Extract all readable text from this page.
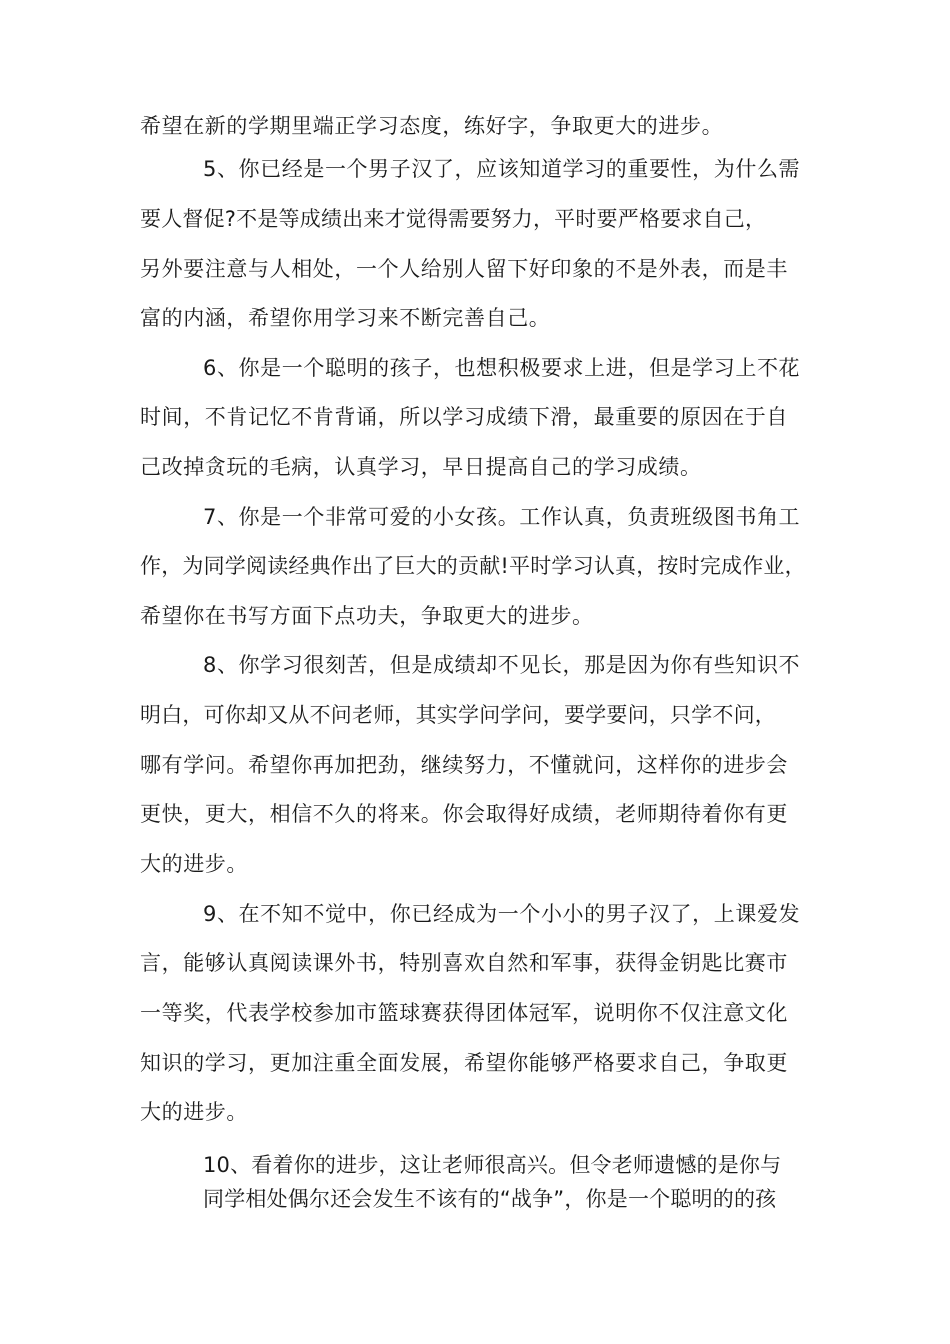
希望在新的学期里端正学习态度，练好字，争取更大的进步。
5、你已经是一个男子汉了，应该知道学习的重要性，为什么需
要人督促?不是等成绩出来才觉得需要努力，平时要严格要求自己，
另外要注意与人相处，一个人给别人留下好印象的不是外表，而是丰
富的内涵，希望你用学习来不断完善自己。
6、你是一个聪明的孩子，也想积极要求上进，但是学习上不花
时间，不肯记忆不肯背诵，所以学习成绩下滑，最重要的原因在于自
己改掉贪玩的毛病，认真学习，早日提高自己的学习成绩。
7、你是一个非常可爱的小女孩。工作认真，负责班级图书角工
作，为同学阅读经典作出了巨大的贡献!平时学习认真，按时完成作业，
希望你在书写方面下点功夫，争取更大的进步。
8、你学习很刻苦，但是成绩却不见长，那是因为你有些知识不
明白，可你却又从不问老师，其实学问学问，要学要问，只学不问，
哪有学问。希望你再加把劲，继续努力，不懂就问，这样你的进步会
更快，更大，相信不久的将来。你会取得好成绩，老师期待着你有更
大的进步。
9、在不知不觉中，你已经成为一个小小的男子汉了，上课爱发
言，能够认真阅读课外书，特别喜欢自然和军事，获得金钥匙比赛市
一等奖，代表学校参加市篮球赛获得团体冠军，说明你不仅注意文化
知识的学习，更加注重全面发展，希望你能够严格要求自己，争取更
大的进步。
10、看着你的进步，这让老师很高兴。但令老师遗憾的是你与
同学相处偶尔还会发生不该有的“战争”，你是一个聪明的的孩
